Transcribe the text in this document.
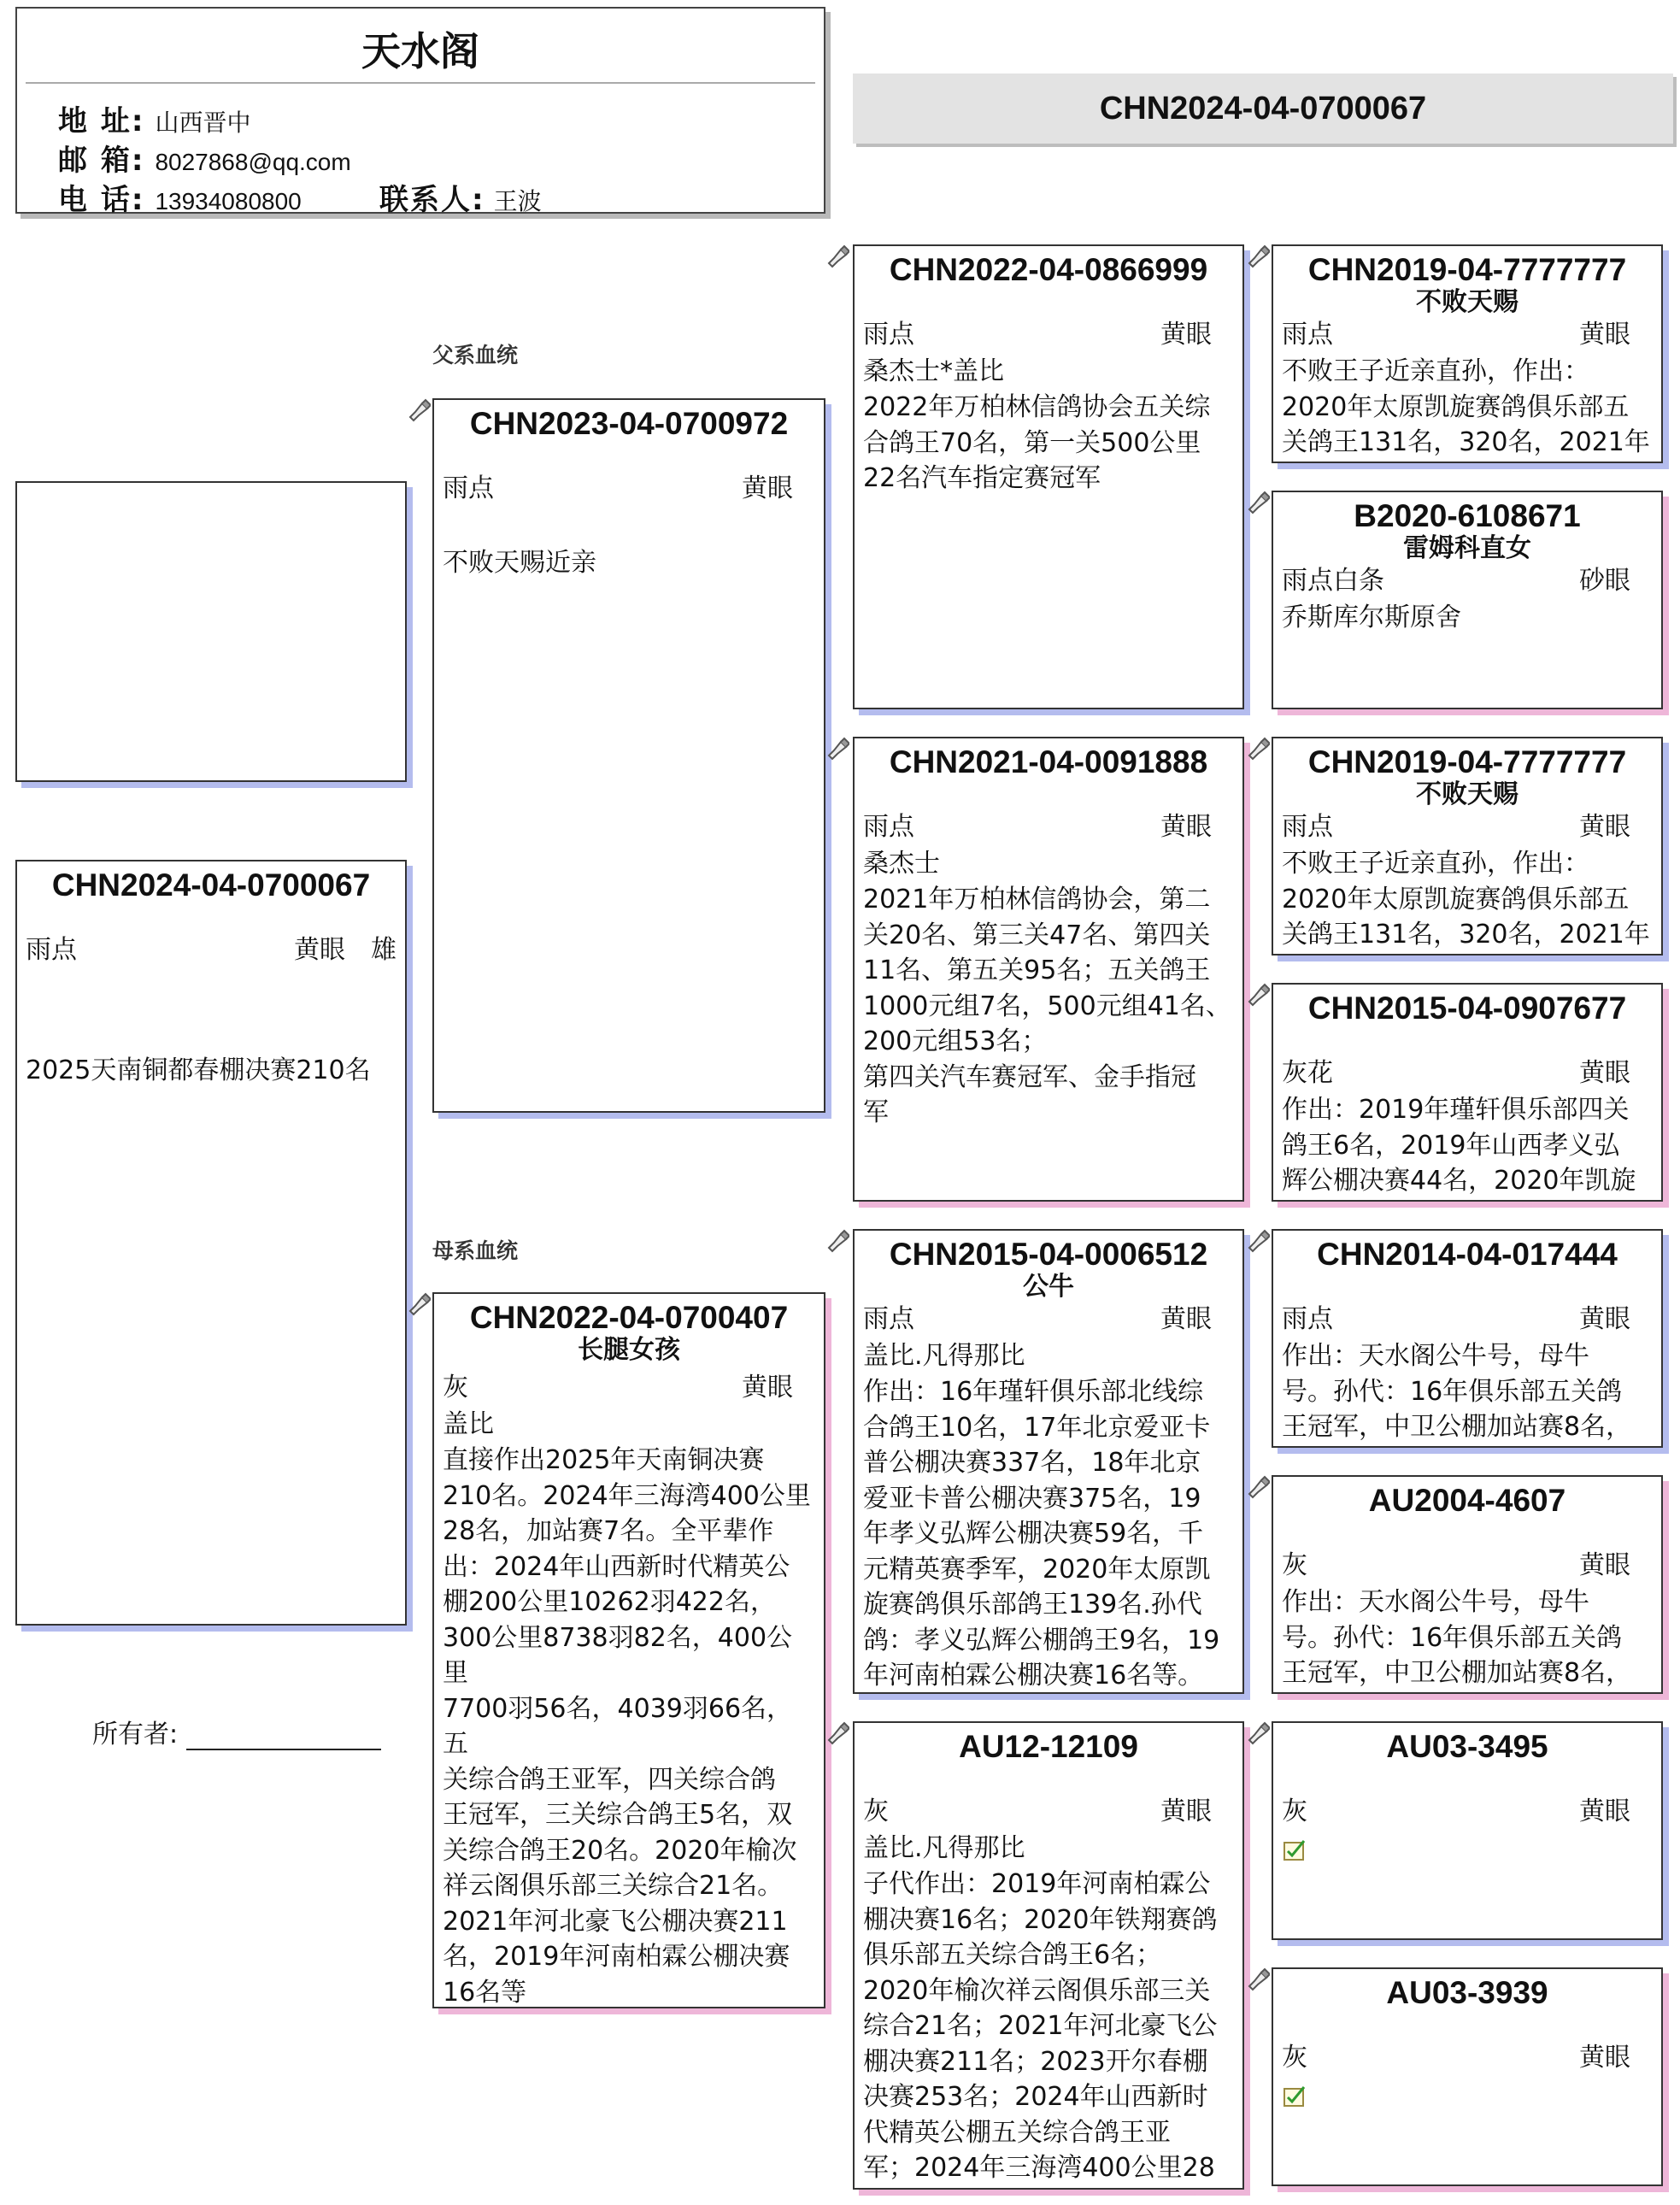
天水阁
地 址: 山西晋中
邮 箱: 8027868@qq.com
电 话: 13934080800	联系人: 王波
CHN2024-04-0700067
CHN2024-04-0700067
雨点	黄眼 雄
2025天南铜都春棚决赛210名
所有者:
父系血统
母系血统
CHN2023-04-0700972
雨点	黄眼
不败天赐近亲
CHN2022-04-0700407
长腿女孩
灰	黄眼
盖比
直接作出2025年天南铜决赛
210名。2024年三海湾400公里
28名，加站赛7名。全平辈作
出：2024年山西新时代精英公
棚200公里10262羽422名，
300公里8738羽82名，400公里
7700羽56名，4039羽66名，五
关综合鸽王亚军，四关综合鸽
王冠军，三关综合鸽王5名，双
关综合鸽王20名。2020年榆次
祥云阁俱乐部三关综合21名。
2021年河北豪飞公棚决赛211
名，2019年河南柏霖公棚决赛
16名等
CHN2022-04-0866999
雨点	黄眼
桑杰士*盖比
2022年万柏林信鸽协会五关综
合鸽王70名，第一关500公里
22名汽车指定赛冠军
CHN2021-04-0091888
雨点	黄眼
桑杰士
2021年万柏林信鸽协会，第二
关20名、第三关47名、第四关
11名、第五关95名；五关鸽王
1000元组7名，500元组41名、
200元组53名；
第四关汽车赛冠军、金手指冠
军
CHN2015-04-0006512
公牛
雨点	黄眼
盖比.凡得那比
作出：16年瑾轩俱乐部北线综
合鸽王10名，17年北京爱亚卡
普公棚决赛337名，18年北京
爱亚卡普公棚决赛375名，19
年孝义弘辉公棚决赛59名，千
元精英赛季军，2020年太原凯
旋赛鸽俱乐部鸽王139名.孙代
鸽：孝义弘辉公棚鸽王9名，19
年河南柏霖公棚决赛16名等。
AU12-12109
灰	黄眼
盖比.凡得那比
子代作出：2019年河南柏霖公
棚决赛16名；2020年铁翔赛鸽
俱乐部五关综合鸽王6名；
2020年榆次祥云阁俱乐部三关
综合21名；2021年河北豪飞公
棚决赛211名；2023开尔春棚
决赛253名；2024年山西新时
代精英公棚五关综合鸽王亚
军；2024年三海湾400公里28
CHN2019-04-7777777
不败天赐
雨点	黄眼
不败王子近亲直孙，作出：
2020年太原凯旋赛鸽俱乐部五
关鸽王131名，320名，2021年
B2020-6108671
雷姆科直女
雨点白条	砂眼
乔斯库尔斯原舍
CHN2019-04-7777777
不败天赐
雨点	黄眼
不败王子近亲直孙，作出：
2020年太原凯旋赛鸽俱乐部五
关鸽王131名，320名，2021年
CHN2015-04-0907677
灰花	黄眼
作出：2019年瑾轩俱乐部四关
鸽王6名，2019年山西孝义弘
辉公棚决赛44名，2020年凯旋
CHN2014-04-017444
雨点	黄眼
作出：天水阁公牛号，母牛
号。孙代：16年俱乐部五关鸽
王冠军，中卫公棚加站赛8名，
AU2004-4607
灰	黄眼
作出：天水阁公牛号，母牛
号。孙代：16年俱乐部五关鸽
王冠军，中卫公棚加站赛8名，
AU03-3495
灰	黄眼
AU03-3939
灰	黄眼
